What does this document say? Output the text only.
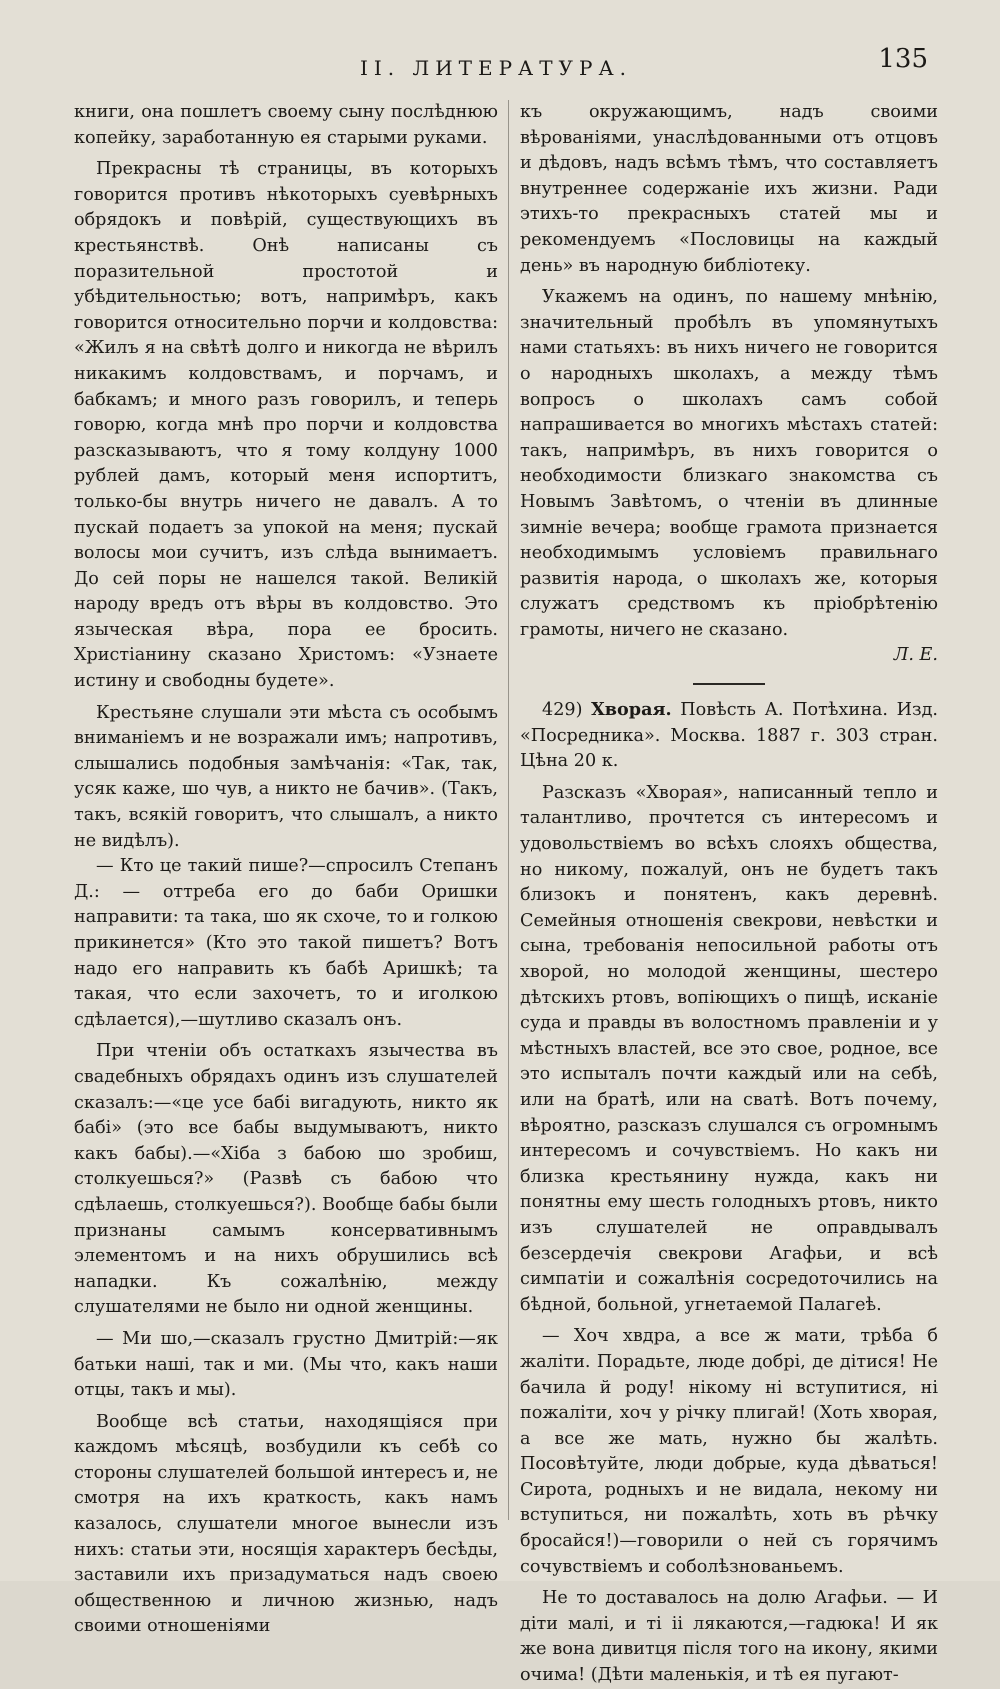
II. ЛИТЕРАТУРА.	135

книги, она пошлетъ своему сыну послѣднюю копейку, заработанную ея старыми руками.

Прекрасны тѣ страницы, въ которыхъ говорится противъ нѣкоторыхъ суевѣрныхъ обрядокъ и повѣрій, существующихъ въ крестьянствѣ. Онѣ написаны съ поразительной простотой и убѣдительностью; вотъ, напримѣръ, какъ говорится относительно порчи и колдовства: «Жилъ я на свѣтѣ долго и никогда не вѣрилъ никакимъ колдовствамъ, и порчамъ, и бабкамъ; и много разъ говорилъ, и теперь говорю, когда мнѣ про порчи и колдовства разсказываютъ, что я тому колдуну 1000 рублей дамъ, который меня испортитъ, только-бы внутрь ничего не давалъ. А то пускай подаетъ за упокой на меня; пускай волосы мои сучитъ, изъ слѣда вынимаетъ. До сей поры не нашелся такой. Великій народу вредъ отъ вѣры въ колдовство. Это языческая вѣра, пора ее бросить. Христіанину сказано Христомъ: «Узнаете истину и свободны будете».

Крестьяне слушали эти мѣста съ особымъ вниманіемъ и не возражали имъ; напротивъ, слышались подобныя замѣчанія: «Так, так, усяк каже, шо чув, а никто не бачив». (Такъ, такъ, всякій говоритъ, что слышалъ, а никто не видѣлъ).

— Кто це такий пише?—спросилъ Степанъ Д.: — оттреба его до баби Оришки направити: та така, шо як схоче, то и голкою прикинется» (Кто это такой пишетъ? Вотъ надо его направить къ бабѣ Аришкѣ; та такая, что если захочетъ, то и иголкою сдѣлается),—шутливо сказалъ онъ.

При чтеніи объ остаткахъ язычества въ свадебныхъ обрядахъ одинъ изъ слушателей сказалъ:—«це усе бабі вигадують, никто як бабі» (это все бабы выдумываютъ, никто какъ бабы).—«Хіба з бабою шо зробиш, столкуешься?» (Развѣ съ бабою что сдѣлаешь, столкуешься?). Вообще бабы были признаны самымъ консервативнымъ элементомъ и на нихъ обрушились всѣ нападки. Къ сожалѣнію, между слушателями не было ни одной женщины.

— Ми шо,—сказалъ грустно Дмитрій:—як батьки наші, так и ми. (Мы что, какъ наши отцы, такъ и мы).

Вообще всѣ статьи, находящіяся при каждомъ мѣсяцѣ, возбудили къ себѣ со стороны слушателей большой интересъ и, не смотря на ихъ краткость, какъ намъ казалось, слушатели многое вынесли изъ нихъ: статьи эти, носящія характеръ бесѣды, заставили ихъ призадуматься надъ своею общественною и личною жизнью, надъ своими отношеніями

къ окружающимъ, надъ своими вѣрованіями, унаслѣдованными отъ отцовъ и дѣдовъ, надъ всѣмъ тѣмъ, что составляетъ внутреннее содержаніе ихъ жизни. Ради этихъ-то прекрасныхъ статей мы и рекомендуемъ «Пословицы на каждый день» въ народную библіотеку.

Укажемъ на одинъ, по нашему мнѣнію, значительный пробѣлъ въ упомянутыхъ нами статьяхъ: въ нихъ ничего не говорится о народныхъ школахъ, а между тѣмъ вопросъ о школахъ самъ собой напрашивается во многихъ мѣстахъ статей: такъ, напримѣръ, въ нихъ говорится о необходимости близкаго знакомства съ Новымъ Завѣтомъ, о чтеніи въ длинные зимніе вечера; вообще грамота признается необходимымъ условіемъ правильнаго развитія народа, о школахъ же, которыя служатъ средствомъ къ пріобрѣтенію грамоты, ничего не сказано.

Л. Е.

429) Хворая. Повѣсть А. Потѣхина. Изд. «Посредника». Москва. 1887 г. 303 стран. Цѣна 20 к.

Разсказъ «Хворая», написанный тепло и талантливо, прочтется съ интересомъ и удовольствіемъ во всѣхъ слояхъ общества, но никому, пожалуй, онъ не будетъ такъ близокъ и понятенъ, какъ деревнѣ. Семейныя отношенія свекрови, невѣстки и сына, требованія непосильной работы отъ хворой, но молодой женщины, шестеро дѣтскихъ ртовъ, вопіющихъ о пищѣ, исканіе суда и правды въ волостномъ правленіи и у мѣстныхъ властей, все это свое, родное, все это испыталъ почти каждый или на себѣ, или на братѣ, или на сватѣ. Вотъ почему, вѣроятно, разсказъ слушался съ огромнымъ интересомъ и сочувствіемъ. Но какъ ни близка крестьянину нужда, какъ ни понятны ему шесть голодныхъ ртовъ, никто изъ слушателей не оправдывалъ безсердечія свекрови Агафьи, и всѣ симпатіи и сожалѣнія сосредоточились на бѣдной, больной, угнетаемой Палагеѣ.

— Хоч хвдра, а все ж мати, трѣба б жаліти. Порадьте, люде добрі, де дітися! Не бачила й роду! нікому ні вступитися, ні пожаліти, хоч у річку плигай! (Хоть хворая, а все же мать, нужно бы жалѣть. Посовѣтуйте, люди добрые, куда дѣваться! Сирота, родныхъ и не видала, некому ни вступиться, ни пожалѣть, хоть въ рѣчку бросайся!)—говорили о ней съ горячимъ сочувствіемъ и соболѣзнованьемъ.

Не то доставалось на долю Агафьи. — И діти малі, и ті іі лякаются,—гадюка! И як же вона дивитця після того на икону, якими очима! (Дѣти маленькія, и тѣ ея пугают-
